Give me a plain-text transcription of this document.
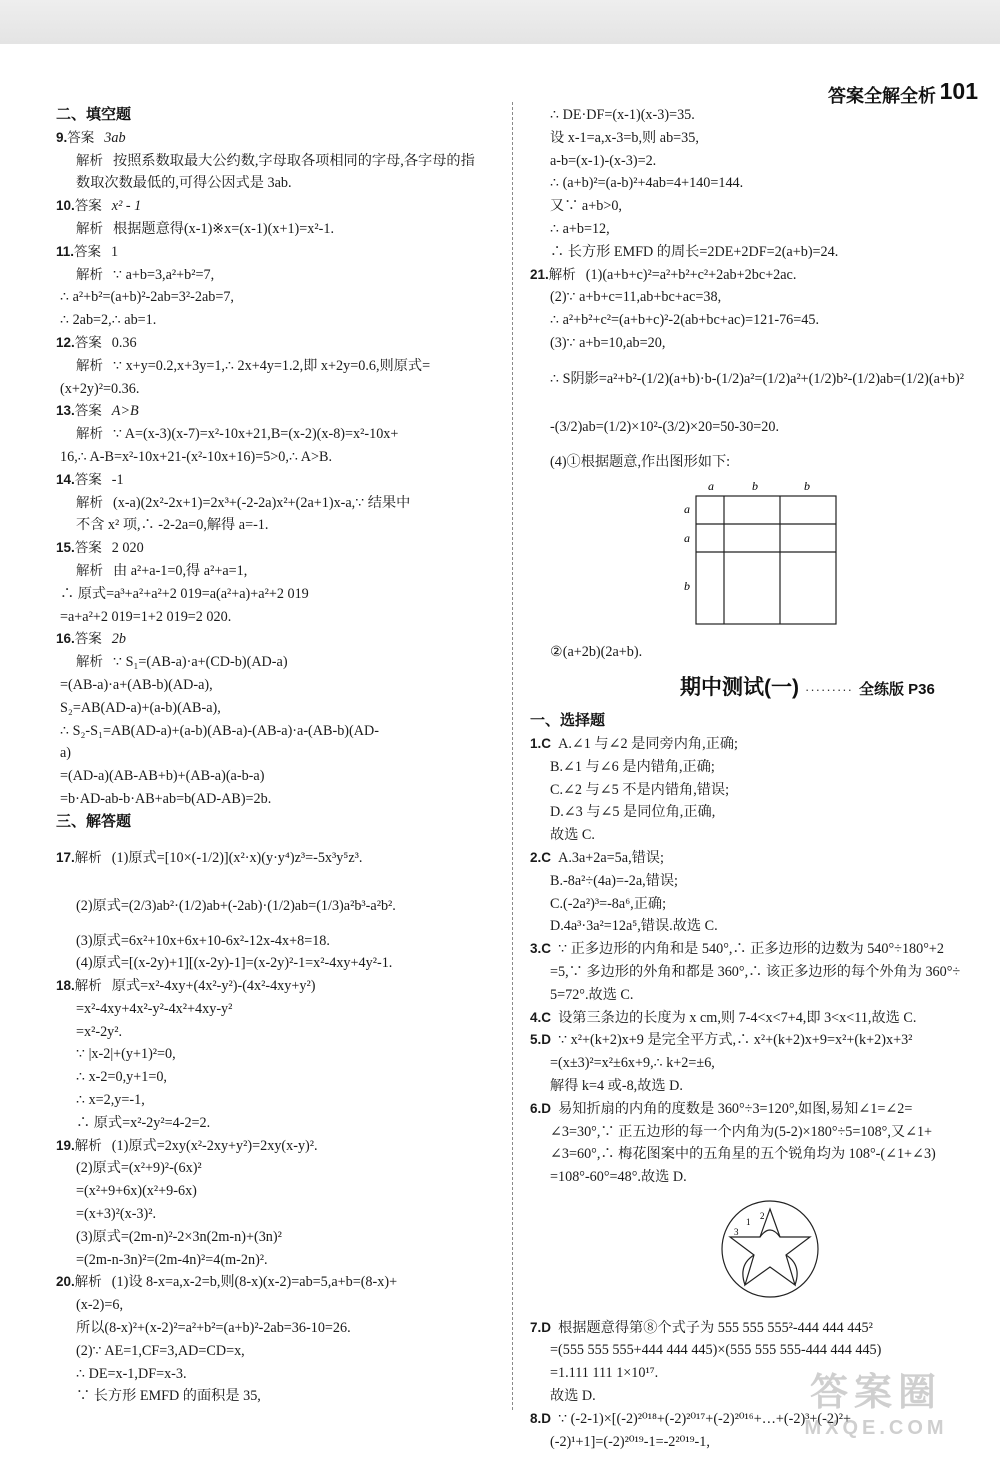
答案全解全析 101
二、填空题
9.答案 3ab
解析 按照系数取最大公约数,字母取各项相同的字母,各字母的指
数取次数最低的,可得公因式是 3ab.
10.答案 x² - 1
解析 根据题意得(x-1)※x=(x-1)(x+1)=x²-1.
11.答案 1
解析 ∵ a+b=3,a²+b²=7,
∴ a²+b²=(a+b)²-2ab=3²-2ab=7,
∴ 2ab=2,∴ ab=1.
12.答案 0.36
解析 ∵ x+y=0.2,x+3y=1,∴ 2x+4y=1.2,即 x+2y=0.6,则原式=
(x+2y)²=0.36.
13.答案 A>B
解析 ∵ A=(x-3)(x-7)=x²-10x+21,B=(x-2)(x-8)=x²-10x+
16,∴ A-B=x²-10x+21-(x²-10x+16)=5>0,∴ A>B.
14.答案 -1
解析 (x-a)(2x²-2x+1)=2x³+(-2-2a)x²+(2a+1)x-a,∵ 结果中
不含 x² 项,∴ -2-2a=0,解得 a=-1.
15.答案 2 020
解析 由 a²+a-1=0,得 a²+a=1,
∴ 原式=a³+a²+a²+2 019=a(a²+a)+a²+2 019
=a+a²+2 019=1+2 019=2 020.
16.答案 2b
解析 ∵ S₁=(AB-a)·a+(CD-b)(AD-a)
=(AB-a)·a+(AB-b)(AD-a),
S₂=AB(AD-a)+(a-b)(AB-a),
∴ S₂-S₁=AB(AD-a)+(a-b)(AB-a)-(AB-a)·a-(AB-b)(AD-
a)
=(AD-a)(AB-AB+b)+(AB-a)(a-b-a)
=b·AD-ab-b·AB+ab=b(AD-AB)=2b.
三、解答题
17.解析 (1)原式=[10×(-1/2)](x²·x)(y·y⁴)z³=-5x³y⁵z³.
(2)原式=(2/3)ab²·(1/2)ab+(-2ab)·(1/2)ab=(1/3)a²b³-a²b².
(3)原式=6x²+10x+6x+10-6x²-12x-4x+8=18.
(4)原式=[(x-2y)+1][(x-2y)-1]=(x-2y)²-1=x²-4xy+4y²-1.
18.解析 原式=x²-4xy+(4x²-y²)-(4x²-4xy+y²)
=x²-4xy+4x²-y²-4x²+4xy-y²
=x²-2y².
∵ |x-2|+(y+1)²=0,
∴ x-2=0,y+1=0,
∴ x=2,y=-1,
∴ 原式=x²-2y²=4-2=2.
19.解析 (1)原式=2xy(x²-2xy+y²)=2xy(x-y)².
(2)原式=(x²+9)²-(6x)²
=(x²+9+6x)(x²+9-6x)
=(x+3)²(x-3)².
(3)原式=(2m-n)²-2×3n(2m-n)+(3n)²
=(2m-n-3n)²=(2m-4n)²=4(m-2n)².
20.解析 (1)设 8-x=a,x-2=b,则(8-x)(x-2)=ab=5,a+b=(8-x)+
(x-2)=6,
所以(8-x)²+(x-2)²=a²+b²=(a+b)²-2ab=36-10=26.
(2)∵ AE=1,CF=3,AD=CD=x,
∴ DE=x-1,DF=x-3.
∵ 长方形 EMFD 的面积是 35,
∴ DE·DF=(x-1)(x-3)=35.
设 x-1=a,x-3=b,则 ab=35,
a-b=(x-1)-(x-3)=2.
∴ (a+b)²=(a-b)²+4ab=4+140=144.
又∵ a+b>0,
∴ a+b=12,
∴ 长方形 EMFD 的周长=2DE+2DF=2(a+b)=24.
21.解析 (1)(a+b+c)²=a²+b²+c²+2ab+2bc+2ac.
(2)∵ a+b+c=11,ab+bc+ac=38,
∴ a²+b²+c²=(a+b+c)²-2(ab+bc+ac)=121-76=45.
(3)∵ a+b=10,ab=20,
∴ S阴影=a²+b²-(1/2)(a+b)·b-(1/2)a²=(1/2)a²+(1/2)b²-(1/2)ab=(1/2)(a+b)²
-(3/2)ab=(1/2)×10²-(3/2)×20=50-30=20.
(4)①根据题意,作出图形如下:
a	b	b
a
a
b
②(a+2b)(2a+b).
期中测试(一) ········· 全练版 P36
一、选择题
1.C A.∠1 与∠2 是同旁内角,正确;
B.∠1 与∠6 是内错角,正确;
C.∠2 与∠5 不是内错角,错误;
D.∠3 与∠5 是同位角,正确,
故选 C.
2.C A.3a+2a=5a,错误;
B.-8a²÷(4a)=-2a,错误;
C.(-2a²)³=-8a⁶,正确;
D.4a³·3a²=12a⁵,错误.故选 C.
3.C ∵ 正多边形的内角和是 540°,∴ 正多边形的边数为 540°÷180°+2
=5,∵ 多边形的外角和都是 360°,∴ 该正多边形的每个外角为 360°÷
5=72°.故选 C.
4.C 设第三条边的长度为 x cm,则 7-4<x<7+4,即 3<x<11,故选 C.
5.D ∵ x²+(k+2)x+9 是完全平方式,∴ x²+(k+2)x+9=x²+(k+2)x+3²
=(x±3)²=x²±6x+9,∴ k+2=±6,
解得 k=4 或-8,故选 D.
6.D 易知折扇的内角的度数是 360°÷3=120°,如图,易知∠1=∠2=
∠3=30°,∵ 正五边形的每一个内角为(5-2)×180°÷5=108°,又∠1+
∠3=60°,∴ 梅花图案中的五角星的五个锐角均为 108°-(∠1+∠3)
=108°-60°=48°.故选 D.
1
2
3
7.D 根据题意得第⑧个式子为 555 555 555²-444 444 445²
=(555 555 555+444 444 445)×(555 555 555-444 444 445)
=1.111 111 1×10¹⁷.
故选 D.
8.D ∵ (-2-1)×[(-2)²⁰¹⁸+(-2)²⁰¹⁷+(-2)²⁰¹⁶+…+(-2)³+(-2)²+
(-2)¹+1]=(-2)²⁰¹⁹-1=-2²⁰¹⁹-1,
答案圈
MXQE.COM
